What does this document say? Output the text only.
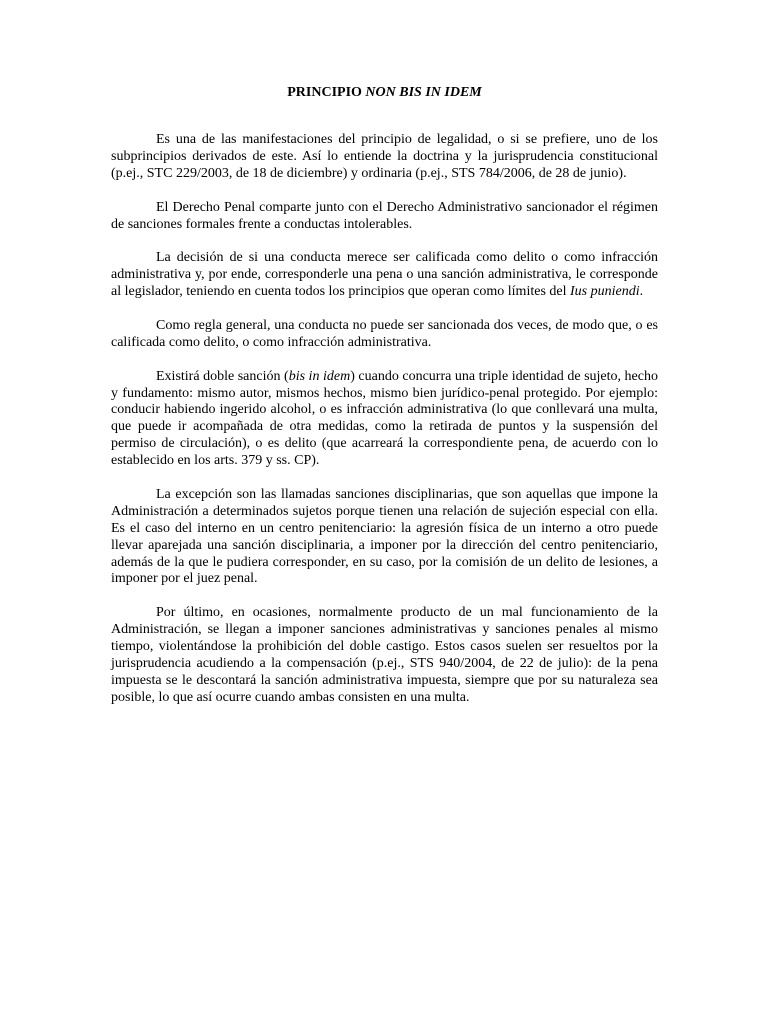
PRINCIPIO NON BIS IN IDEM

Es una de las manifestaciones del principio de legalidad, o si se prefiere, uno de los subprincipios derivados de este. Así lo entiende la doctrina y la jurisprudencia constitucional (p.ej., STC 229/2003, de 18 de diciembre) y ordinaria (p.ej., STS 784/2006, de 28 de junio).

El Derecho Penal comparte junto con el Derecho Administrativo sancionador el régimen de sanciones formales frente a conductas intolerables.

La decisión de si una conducta merece ser calificada como delito o como infracción administrativa y, por ende, corresponderle una pena o una sanción administrativa, le corresponde al legislador, teniendo en cuenta todos los principios que operan como límites del Ius puniendi.

Como regla general, una conducta no puede ser sancionada dos veces, de modo que, o es calificada como delito, o como infracción administrativa.

Existirá doble sanción (bis in idem) cuando concurra una triple identidad de sujeto, hecho y fundamento: mismo autor, mismos hechos, mismo bien jurídico-penal protegido. Por ejemplo: conducir habiendo ingerido alcohol, o es infracción administrativa (lo que conllevará una multa, que puede ir acompañada de otra medidas, como la retirada de puntos y la suspensión del permiso de circulación), o es delito (que acarreará la correspondiente pena, de acuerdo con lo establecido en los arts. 379 y ss. CP).

La excepción son las llamadas sanciones disciplinarias, que son aquellas que impone la Administración a determinados sujetos porque tienen una relación de sujeción especial con ella. Es el caso del interno en un centro penitenciario: la agresión física de un interno a otro puede llevar aparejada una sanción disciplinaria, a imponer por la dirección del centro penitenciario, además de la que le pudiera corresponder, en su caso, por la comisión de un delito de lesiones, a imponer por el juez penal.

Por último, en ocasiones, normalmente producto de un mal funcionamiento de la Administración, se llegan a imponer sanciones administrativas y sanciones penales al mismo tiempo, violentándose la prohibición del doble castigo. Estos casos suelen ser resueltos por la jurisprudencia acudiendo a la compensación (p.ej., STS 940/2004, de 22 de julio): de la pena impuesta se le descontará la sanción administrativa impuesta, siempre que por su naturaleza sea posible, lo que así ocurre cuando ambas consisten en una multa.
